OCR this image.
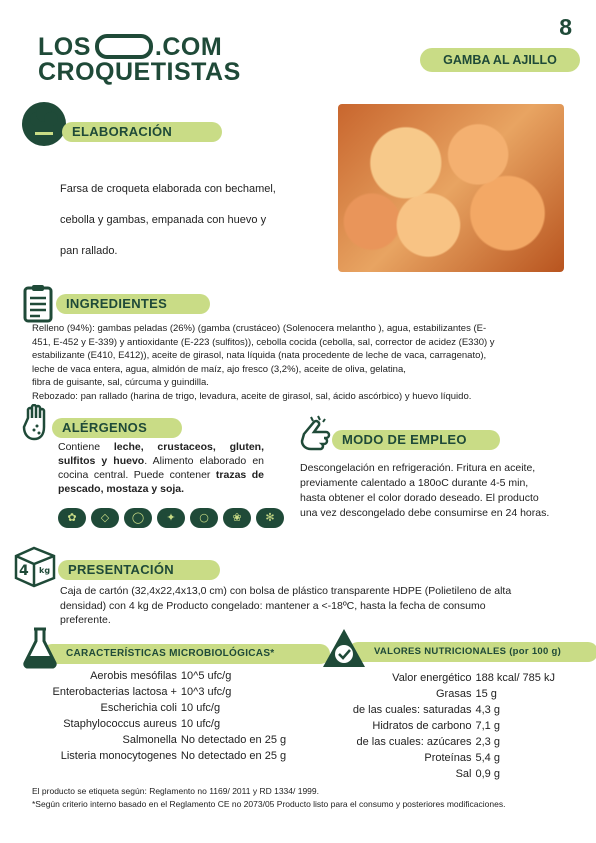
LOS	.COM
CROQUETISTAS
8
GAMBA AL AJILLO
ELABORACIÓN
Farsa de croqueta elaborada con bechamel,
cebolla y gambas, empanada con huevo y
pan rallado.
INGREDIENTES
Relleno (94%): gambas peladas (26%) (gamba (crustáceo) (Solenocera melantho ), agua, estabilizantes (E-
451, E-452 y E-339) y antioxidante (E-223 (sulfitos)), cebolla cocida (cebolla, sal, corrector de acidez (E330) y
estabilizante (E410, E412)), aceite de girasol, nata líquida (nata procedente de leche de vaca, carragenato),
leche de vaca entera, agua, almidón de maíz, ajo fresco (3,2%), aceite de oliva, gelatina,
fibra de guisante, sal, cúrcuma y guindilla.
Rebozado: pan rallado (harina de trigo, levadura, aceite de girasol, sal, ácido ascórbico) y huevo líquido.
ALÉRGENOS
Contiene leche, crustaceos, gluten, sulfitos y huevo. Alimento elaborado en cocina central. Puede contener trazas de pescado, mostaza y soja.
✿	◇	◯	✦	○	❀	✻
MODO DE EMPLEO
Descongelación en refrigeración. Fritura en aceite,
previamente calentado a 180oC durante 4-5 min,
hasta obtener el color dorado deseado. El producto
una vez descongelado debe consumirse en 24 horas.
4 kg	PRESENTACIÓN
Caja de cartón (32,4x22,4x13,0 cm) con bolsa de plástico transparente HDPE (Polietileno de alta
densidad) con 4 kg de Producto congelado: mantener a <-18ºC, hasta la fecha de consumo
preferente.
CARACTERÍSTICAS MICROBIOLÓGICAS*
Aerobis mesófilas	10^5 ufc/g
Enterobacterias lactosa +	10^3 ufc/g
Escherichia coli	10 ufc/g
Staphylococcus aureus	10 ufc/g
Salmonella	No detectado en 25 g
Listeria monocytogenes	No detectado en 25 g
VALORES NUTRICIONALES (por 100 g)
Valor energético	188 kcal/ 785 kJ
Grasas	15 g
de las cuales: saturadas	4,3 g
Hidratos de carbono	7,1 g
de las cuales: azúcares	2,3 g
Proteínas	5,4 g
Sal	0,9 g
El producto se etiqueta según: Reglamento no 1169/ 2011 y RD 1334/ 1999.
*Según criterio interno basado en el Reglamento CE no 2073/05 Producto listo para el consumo y posteriores modificaciones.
